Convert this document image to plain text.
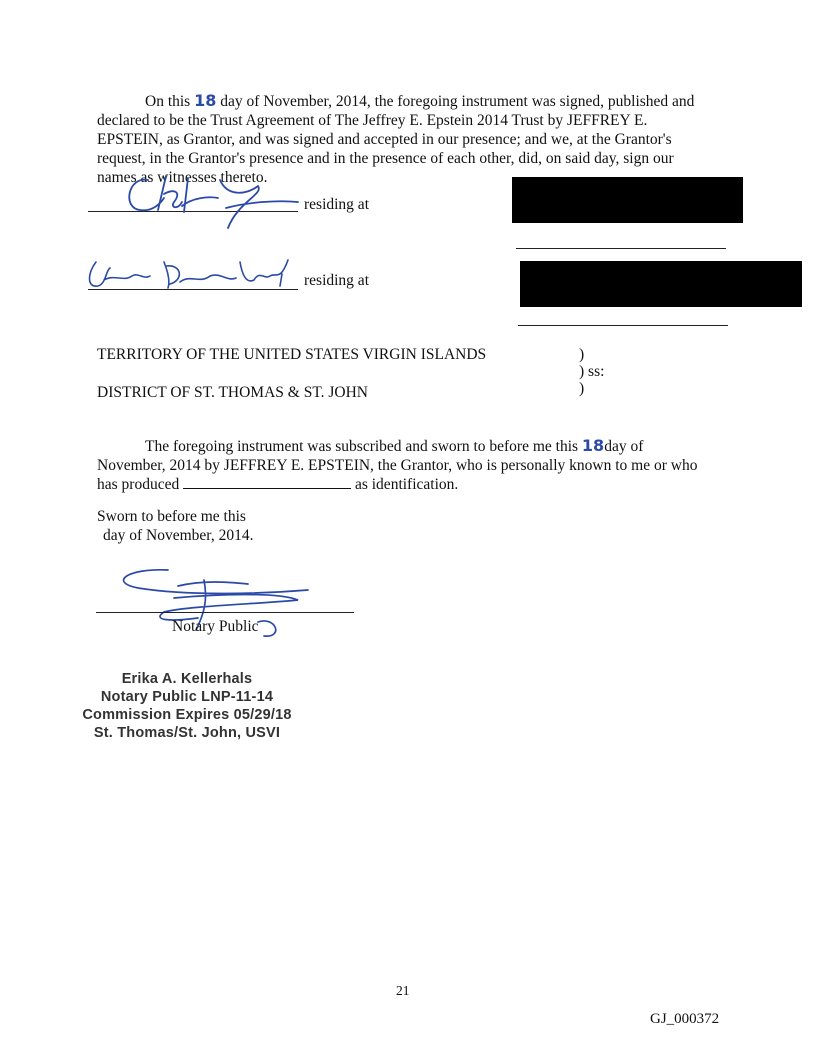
On this 18 day of November, 2014, the foregoing instrument was signed, published and
declared to be the Trust Agreement of The Jeffrey E. Epstein 2014 Trust by JEFFREY E.
EPSTEIN, as Grantor, and was signed and accepted in our presence; and we, at the Grantor's
request, in the Grantor's presence and in the presence of each other, did, on said day, sign our
names as witnesses thereto.
residing at
residing at
TERRITORY OF THE UNITED STATES VIRGIN ISLANDS
DISTRICT OF ST. THOMAS & ST. JOHN
)
) ss:
)
The foregoing instrument was subscribed and sworn to before me this 18day of
November, 2014 by JEFFREY E. EPSTEIN, the Grantor, who is personally known to me or who
has produced	as identification.
Sworn to before me this
day of November, 2014.
Notary Public
Erika A. Kellerhals
Notary Public LNP-11-14
Commission Expires 05/29/18
St. Thomas/St. John, USVI
21
GJ_000372
